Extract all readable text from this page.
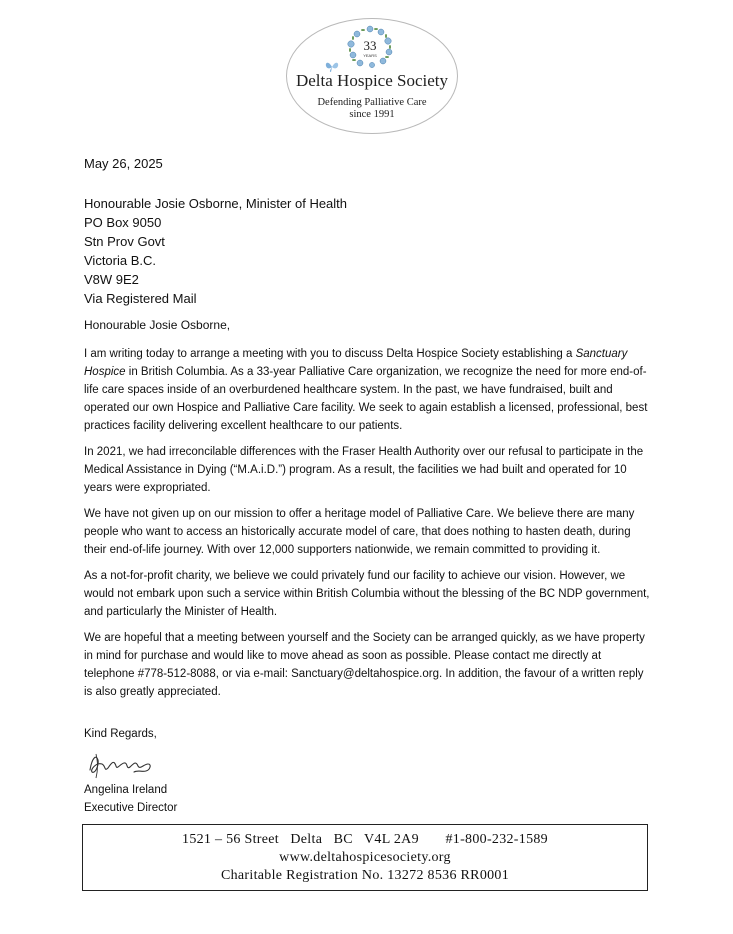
33
YEARS
Delta Hospice Society
Defending Palliative Care
since 1991
May 26, 2025
Honourable Josie Osborne, Minister of Health
PO Box 9050
Stn Prov Govt
Victoria B.C.
V8W 9E2
Via Registered Mail
Honourable Josie Osborne,

I am writing today to arrange a meeting with you to discuss Delta Hospice Society establishing a Sanctuary Hospice in British Columbia. As a 33-year Palliative Care organization, we recognize the need for more end-of- life care spaces inside of an overburdened healthcare system. In the past, we have fundraised, built and operated our own Hospice and Palliative Care facility. We seek to again establish a licensed, professional, best practices facility delivering excellent healthcare to our patients.

In 2021, we had irreconcilable differences with the Fraser Health Authority over our refusal to participate in the Medical Assistance in Dying (“M.A.i.D.”) program. As a result, the facilities we had built and operated for 10 years were expropriated.

We have not given up on our mission to offer a heritage model of Palliative Care. We believe there are many people who want to access an historically accurate model of care, that does nothing to hasten death, during their end-of-life journey. With over 12,000 supporters nationwide, we remain committed to providing it.

As a not-for-profit charity, we believe we could privately fund our facility to achieve our vision. However, we would not embark upon such a service within British Columbia without the blessing of the BC NDP government, and particularly the Minister of Health.

We are hopeful that a meeting between yourself and the Society can be arranged quickly, as we have property in mind for purchase and would like to move ahead as soon as possible. Please contact me directly at telephone #778-512-8088, or via e-mail: Sanctuary@deltahospice.org. In addition, the favour of a written reply is also greatly appreciated.

Kind Regards,
Angelina Ireland
Executive Director
1521 – 56 Street   Delta   BC   V4L 2A9       #1-800-232-1589
www.deltahospicesociety.org
Charitable Registration No. 13272 8536 RR0001
